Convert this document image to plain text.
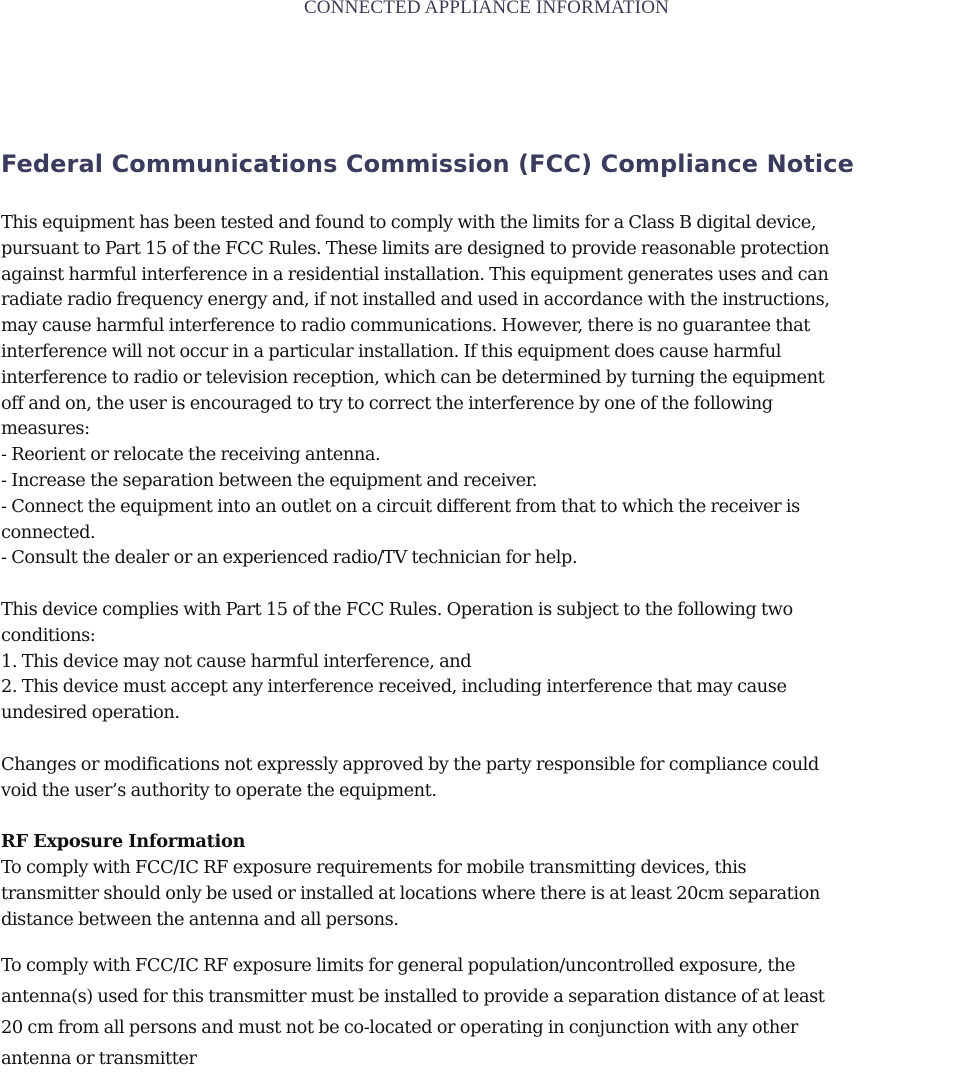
CONNECTED APPLIANCE INFORMATION
Federal Communications Commission (FCC) Compliance Notice

This equipment has been tested and found to comply with the limits for a Class B digital device,
pursuant to Part 15 of the FCC Rules. These limits are designed to provide reasonable protection
against harmful interference in a residential installation. This equipment generates uses and can
radiate radio frequency energy and, if not installed and used in accordance with the instructions,
may cause harmful interference to radio communications. However, there is no guarantee that
interference will not occur in a particular installation. If this equipment does cause harmful
interference to radio or television reception, which can be determined by turning the equipment
off and on, the user is encouraged to try to correct the interference by one of the following
measures:

- Reorient or relocate the receiving antenna.
- Increase the separation between the equipment and receiver.
- Connect the equipment into an outlet on a circuit different from that to which the receiver is
connected.
- Consult the dealer or an experienced radio/TV technician for help.

This device complies with Part 15 of the FCC Rules. Operation is subject to the following two
conditions:
1. This device may not cause harmful interference, and
2. This device must accept any interference received, including interference that may cause
undesired operation.

Changes or modifications not expressly approved by the party responsible for compliance could
void the user’s authority to operate the equipment.

RF Exposure Information
To comply with FCC/IC RF exposure requirements for mobile transmitting devices, this
transmitter should only be used or installed at locations where there is at least 20cm separation
distance between the antenna and all persons.

To comply with FCC/IC RF exposure limits for general population/uncontrolled exposure, the
antenna(s) used for this transmitter must be installed to provide a separation distance of at least
20 cm from all persons and must not be co-located or operating in conjunction with any other
antenna or transmitter
